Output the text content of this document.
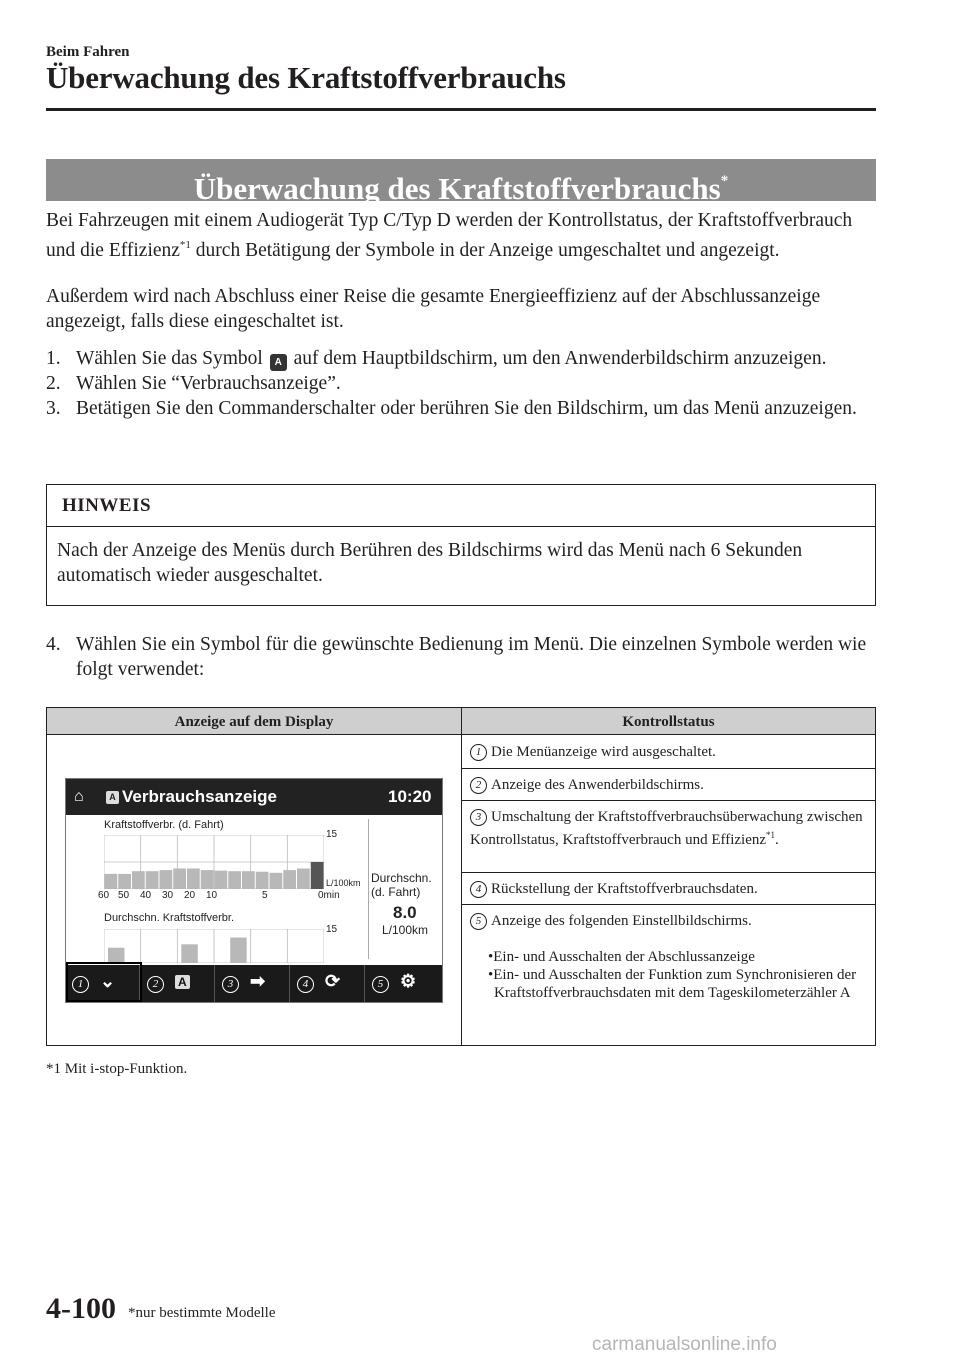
Beim Fahren
Überwachung des Kraftstoffverbrauchs
Überwachung des Kraftstoffverbrauchs*
Bei Fahrzeugen mit einem Audiogerät Typ C/Typ D werden der Kontrollstatus, der Kraftstoffverbrauch und die Effizienz$^{*1}$ durch Betätigung der Symbole in der Anzeige umgeschaltet und angezeigt.
Außerdem wird nach Abschluss einer Reise die gesamte Energieeffizienz auf der Abschlussanzeige angezeigt, falls diese eingeschaltet ist.
1. Wählen Sie das Symbol A auf dem Hauptbildschirm, um den Anwenderbildschirm anzuzeigen.
2. Wählen Sie “Verbrauchsanzeige”.
3. Betätigen Sie den Commanderschalter oder berühren Sie den Bildschirm, um das Menü anzuzeigen.
HINWEIS
Nach der Anzeige des Menüs durch Berühren des Bildschirms wird das Menü nach 6 Sekunden automatisch wieder ausgeschaltet.
4. Wählen Sie ein Symbol für die gewünschte Bedienung im Menü. Die einzelnen Symbole werden wie folgt verwendet:
Anzeige auf dem Display	Kontrollstatus
1 Die Menüanzeige wird ausgeschaltet.
2 Anzeige des Anwenderbildschirms.
3 Umschaltung der Kraftstoffverbrauchsüberwachung zwischen Kontrollstatus, Kraftstoffverbrauch und Effizienz$^{*1}$.
4 Rückstellung der Kraftstoffverbrauchsdaten.
5 Anzeige des folgenden Einstellbildschirms.
•Ein- und Ausschalten der Abschlussanzeige
•Ein- und Ausschalten der Funktion zum Synchronisieren der Kraftstoffverbrauchsdaten mit dem Tageskilometerzähler A
⌂	A Verbrauchsanzeige	10:20
Kraftstoffverbr. (d. Fahrt)
15
L/100km
60 50 40 30 20 10	5	0min
Durchschn.
(d. Fahrt)
8.0
L/100km
Durchschn. Kraftstoffverbr.
15
1 ⌄	2	A	3 ➡	4 ⟳	5 ⚙
*1 Mit i-stop-Funktion.
4-100 *nur bestimmte Modelle
carmanualsonline.info
